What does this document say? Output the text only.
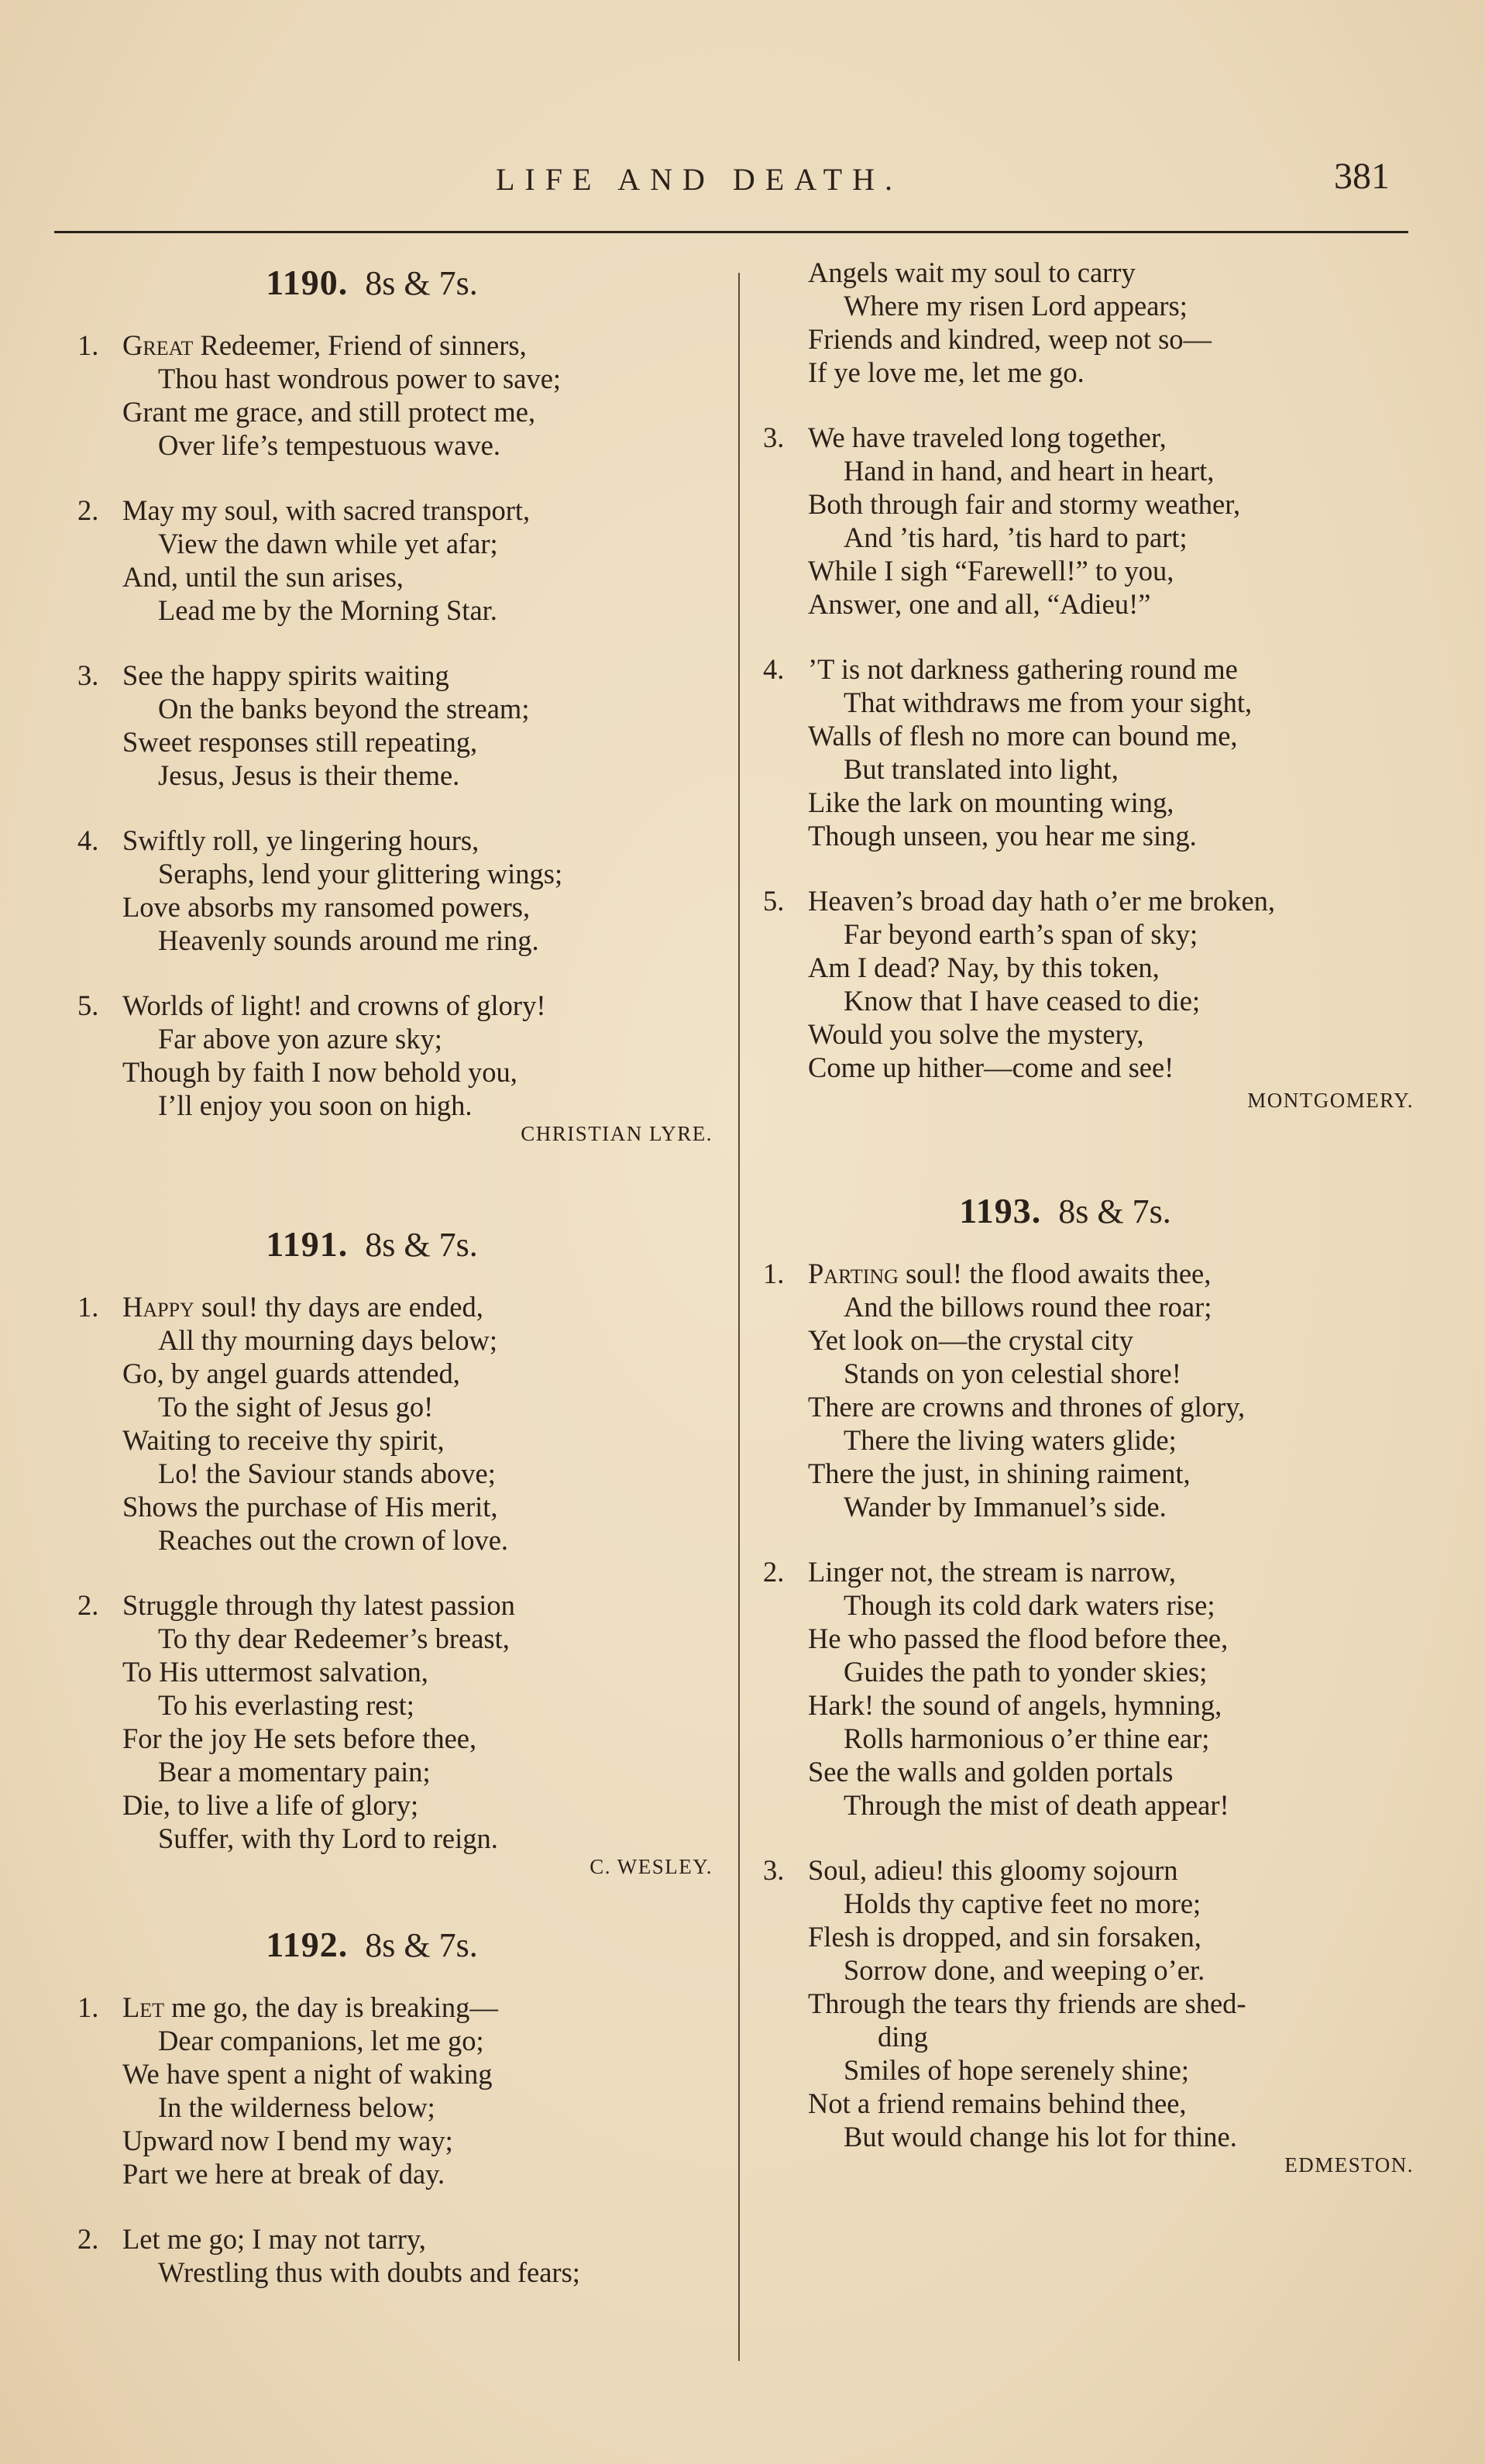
LIFE AND DEATH.	381
1190. 8s & 7s.
1. Great Redeemer, Friend of sinners,
Thou hast wondrous power to save;
Grant me grace, and still protect me,
Over life’s tempestuous wave.
2. May my soul, with sacred transport,
View the dawn while yet afar;
And, until the sun arises,
Lead me by the Morning Star.
3. See the happy spirits waiting
On the banks beyond the stream;
Sweet responses still repeating,
Jesus, Jesus is their theme.
4. Swiftly roll, ye lingering hours,
Seraphs, lend your glittering wings;
Love absorbs my ransomed powers,
Heavenly sounds around me ring.
5. Worlds of light! and crowns of glory!
Far above yon azure sky;
Though by faith I now behold you,
I’ll enjoy you soon on high.
CHRISTIAN LYRE.
1191. 8s & 7s.
1. Happy soul! thy days are ended,
All thy mourning days below;
Go, by angel guards attended,
To the sight of Jesus go!
Waiting to receive thy spirit,
Lo! the Saviour stands above;
Shows the purchase of His merit,
Reaches out the crown of love.
2. Struggle through thy latest passion
To thy dear Redeemer’s breast,
To His uttermost salvation,
To his everlasting rest;
For the joy He sets before thee,
Bear a momentary pain;
Die, to live a life of glory;
Suffer, with thy Lord to reign.
C. WESLEY.
1192. 8s & 7s.
1. Let me go, the day is breaking—
Dear companions, let me go;
We have spent a night of waking
In the wilderness below;
Upward now I bend my way;
Part we here at break of day.
2. Let me go; I may not tarry,
Wrestling thus with doubts and fears;
Angels wait my soul to carry
Where my risen Lord appears;
Friends and kindred, weep not so—
If ye love me, let me go.
3. We have traveled long together,
Hand in hand, and heart in heart,
Both through fair and stormy weather,
And ’tis hard, ’tis hard to part;
While I sigh “Farewell!” to you,
Answer, one and all, “Adieu!”
4. ’T is not darkness gathering round me
That withdraws me from your sight,
Walls of flesh no more can bound me,
But translated into light,
Like the lark on mounting wing,
Though unseen, you hear me sing.
5. Heaven’s broad day hath o’er me broken,
Far beyond earth’s span of sky;
Am I dead? Nay, by this token,
Know that I have ceased to die;
Would you solve the mystery,
Come up hither—come and see!
MONTGOMERY.
1193. 8s & 7s.
1. Parting soul! the flood awaits thee,
And the billows round thee roar;
Yet look on—the crystal city
Stands on yon celestial shore!
There are crowns and thrones of glory,
There the living waters glide;
There the just, in shining raiment,
Wander by Immanuel’s side.
2. Linger not, the stream is narrow,
Though its cold dark waters rise;
He who passed the flood before thee,
Guides the path to yonder skies;
Hark! the sound of angels, hymning,
Rolls harmonious o’er thine ear;
See the walls and golden portals
Through the mist of death appear!
3. Soul, adieu! this gloomy sojourn
Holds thy captive feet no more;
Flesh is dropped, and sin forsaken,
Sorrow done, and weeping o’er.
Through the tears thy friends are shed-
ding
Smiles of hope serenely shine;
Not a friend remains behind thee,
But would change his lot for thine.
EDMESTON.
